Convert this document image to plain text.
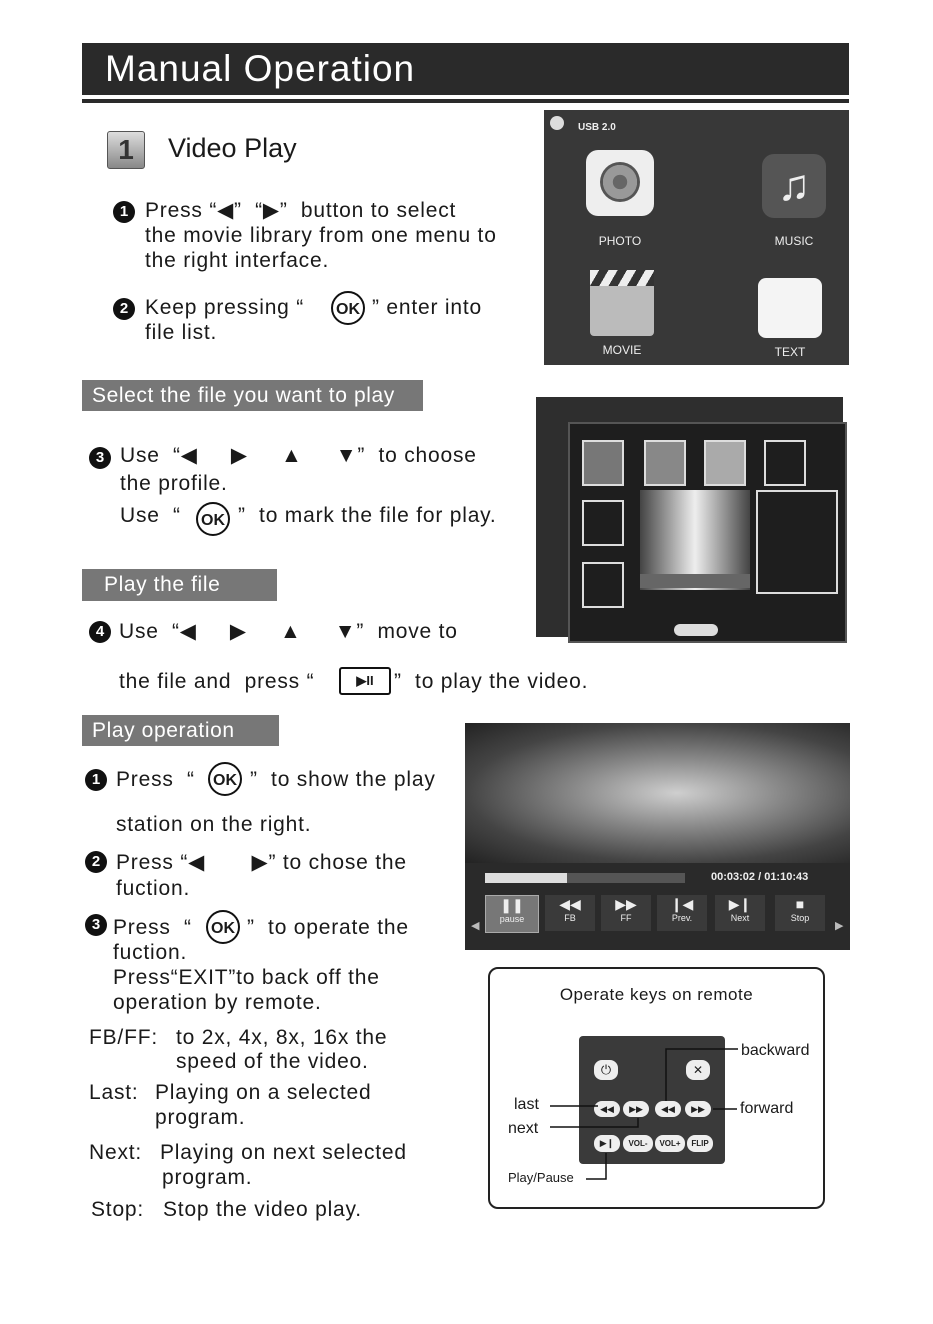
Manual Operation
1	Video Play
1 Press “◀”  “▶”  button to select
the movie library from one menu to
the right interface.
2 Keep pressing “	OK ” enter into
file list.
USB 2.0
PHOTO
♫
MUSIC
MOVIE	TEXT
Select the file you want to play
3 Use  “◀     ▶     ▲     ▼”  to choose
the profile.
Use  “	OK ”  to mark the file for play.
Play the file
4 Use  “◀     ▶     ▲     ▼”  move to
the file and  press “	▶II ”  to play the video.
Play operation
1 Press  “	OK ”  to show the play
station on the right.
2 Press “◀       ▶” to chose the
fuction.
3 Press  “	OK ”  to operate the
fuction.
Press“EXIT”to back off the
operation by remote.
FB/FF: to 2x, 4x, 8x, 16x the
speed of the video.
Last: Playing on a selected
program.
Next: Playing on next selected
program.
Stop: Stop the video play.
00:03:02 / 01:10:43
◀	▶
❚❚
pause
◀◀
FB
▶▶
FF
❙◀
Prev.
▶❙
Next
■
Stop
Operate keys on remote
⏻	✕
◀◀	▶▶	◀◀	▶▶
▶❙	VOL-	VOL+	FLIP
backward
forward
last
next
Play/Pause
